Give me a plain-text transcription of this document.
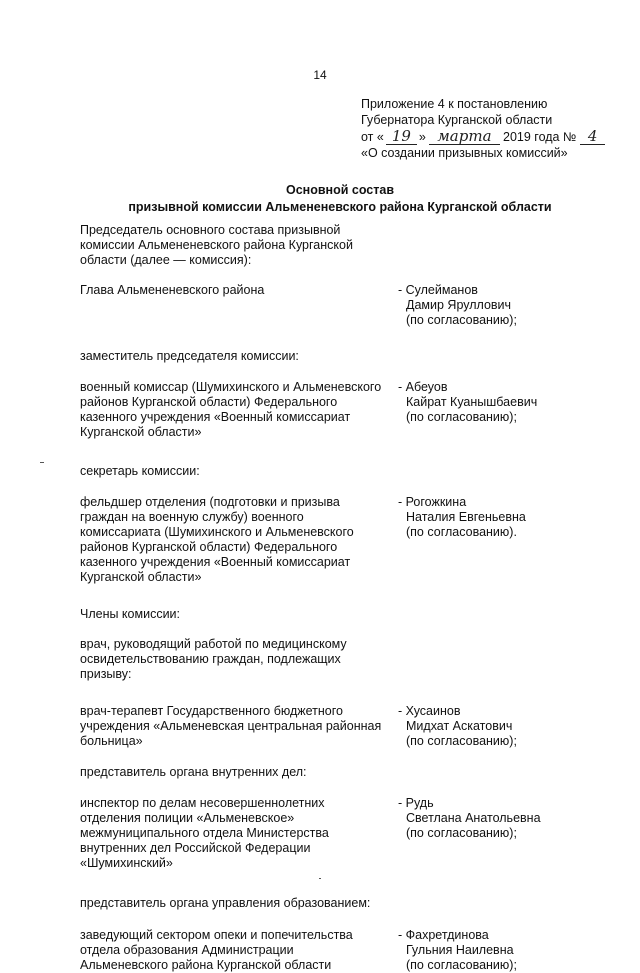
14
Приложение 4 к постановлению
Губернатора Курганской области
от « 19 » марта 2019 года № 4
«О создании призывных комиссий»
Основной состав
призывной комиссии Альмененевского района Курганской области
Председатель основного состава призывной
комиссии Альмененевского района Курганской
области (далее — комиссия):
Глава Альмененевского района	- Сулейманов
Дамир Яруллович
(по согласованию);
заместитель председателя комиссии:
военный комиссар (Шумихинского и Альменевского
районов Курганской области) Федерального
казенного учреждения «Военный комиссариат
Курганской области»
- Абеуов
Кайрат Куанышбаевич
(по согласованию);
секретарь комиссии:
фельдшер отделения (подготовки и призыва
граждан на военную службу) военного
комиссариата (Шумихинского и Альменевского
районов Курганской области) Федерального
казенного учреждения «Военный комиссариат
Курганской области»
- Рогожкина
Наталия Евгеньевна
(по согласованию).
Члены комиссии:
врач, руководящий работой по медицинскому
освидетельствованию граждан, подлежащих
призыву:
врач-терапевт Государственного бюджетного
учреждения «Альменевская центральная районная
больница»
- Хусаинов
Мидхат Аскатович
(по согласованию);
представитель органа внутренних дел:
инспектор по делам несовершеннолетних
отделения полиции «Альменевское»
межмуниципального отдела Министерства
внутренних дел Российской Федерации
«Шумихинский»
- Рудь
Светлана Анатольевна
(по согласованию);
представитель органа управления образованием:
заведующий сектором опеки и попечительства
отдела образования Администрации
Альменевского района Курганской области
- Фахретдинова
Гульния Наилевна
(по согласованию);
